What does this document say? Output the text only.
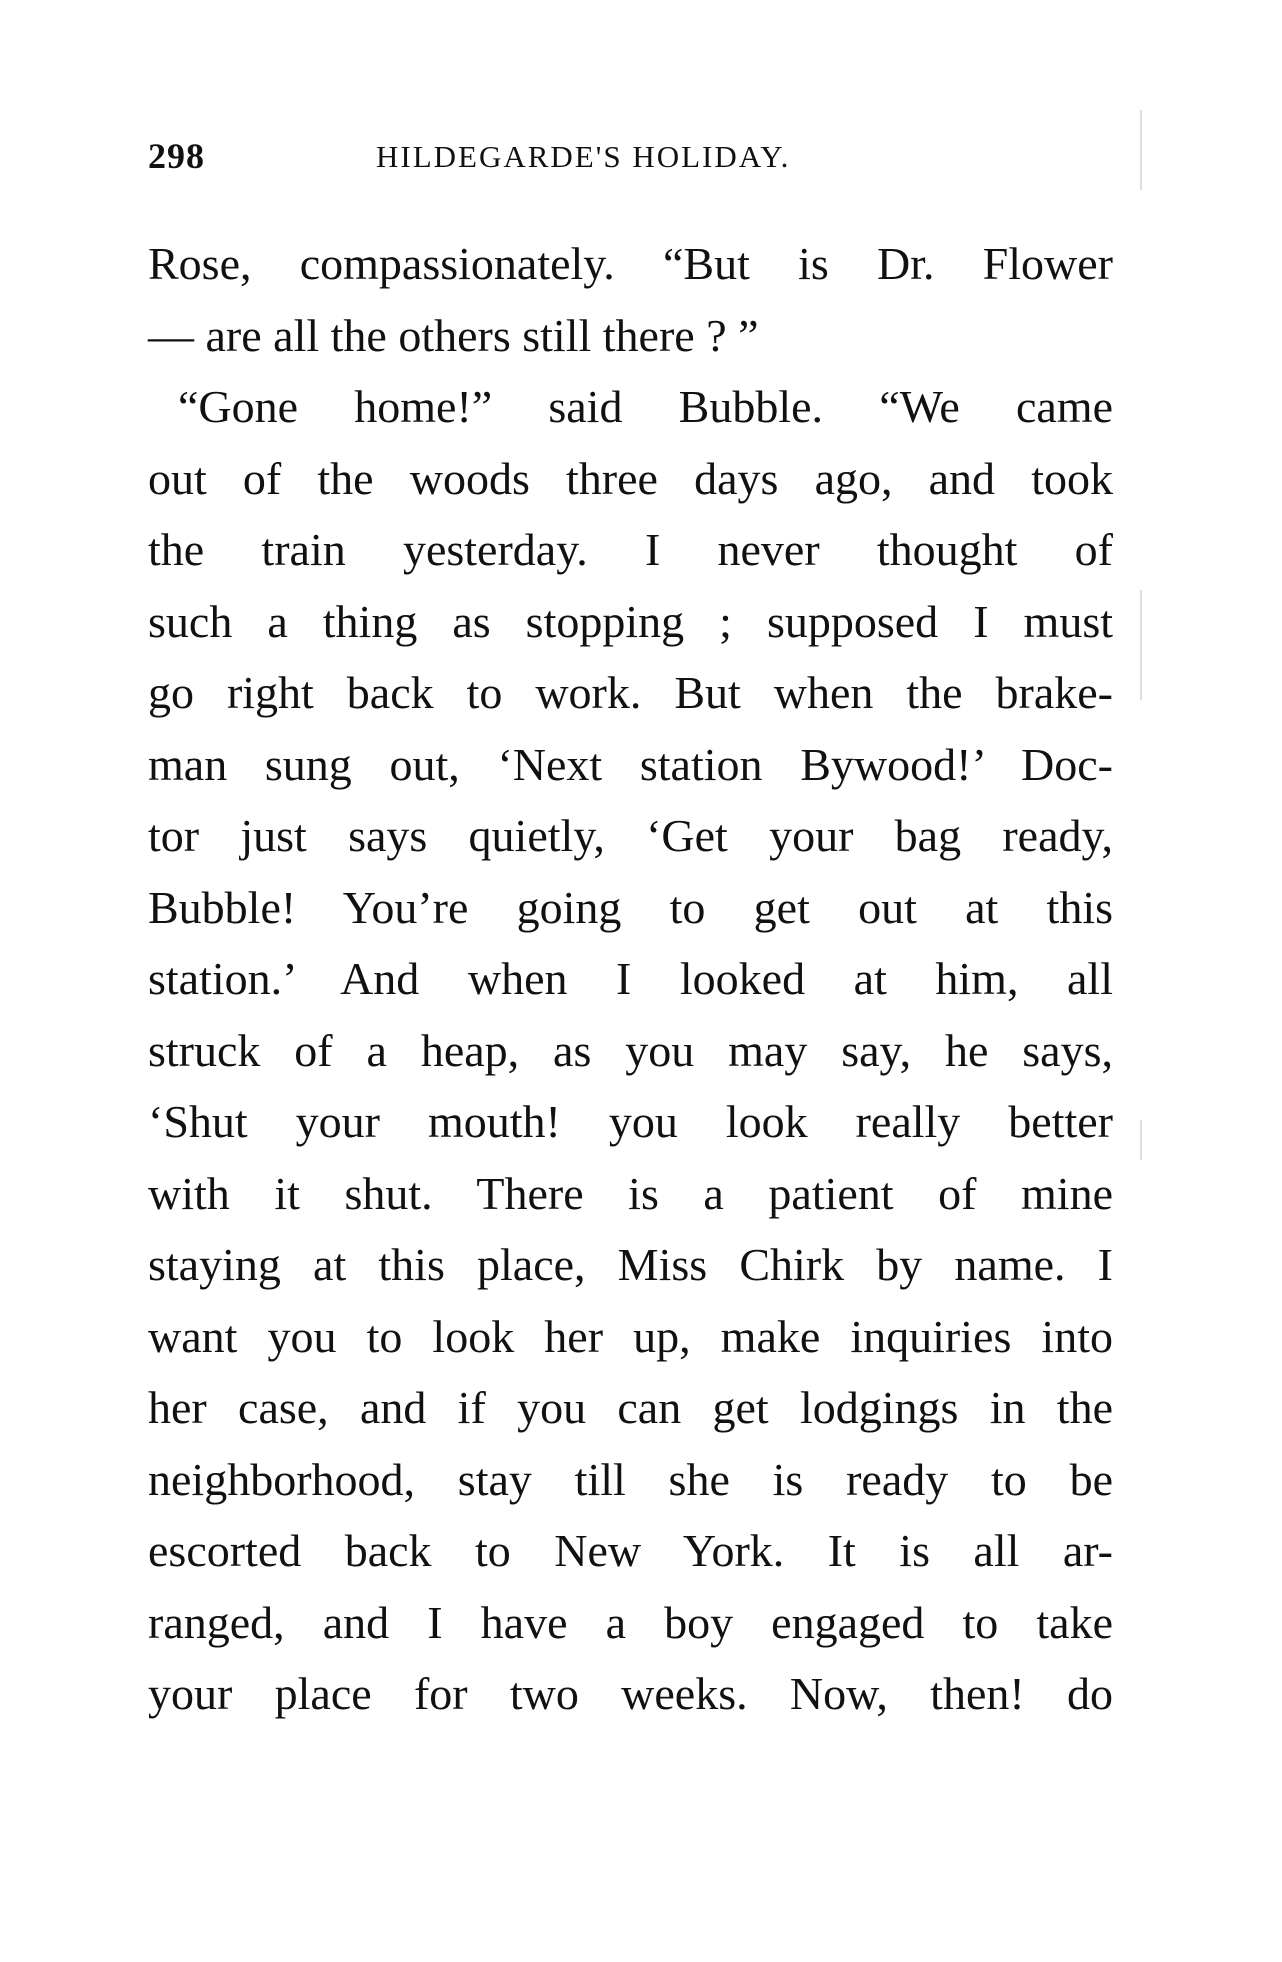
298	HILDEGARDE'S HOLIDAY.
Rose, compassionately. “But is Dr. Flower
— are all the others still there ? ”
“Gone home!” said Bubble. “We came
out of the woods three days ago, and took
the train yesterday. I never thought of
such a thing as stopping ; supposed I must
go right back to work. But when the brake-
man sung out, ‘Next station Bywood!’ Doc-
tor just says quietly, ‘Get your bag ready,
Bubble! You’re going to get out at this
station.’ And when I looked at him, all
struck of a heap, as you may say, he says,
‘Shut your mouth! you look really better
with it shut. There is a patient of mine
staying at this place, Miss Chirk by name. I
want you to look her up, make inquiries into
her case, and if you can get lodgings in the
neighborhood, stay till she is ready to be
escorted back to New York. It is all ar-
ranged, and I have a boy engaged to take
your place for two weeks. Now, then! do
